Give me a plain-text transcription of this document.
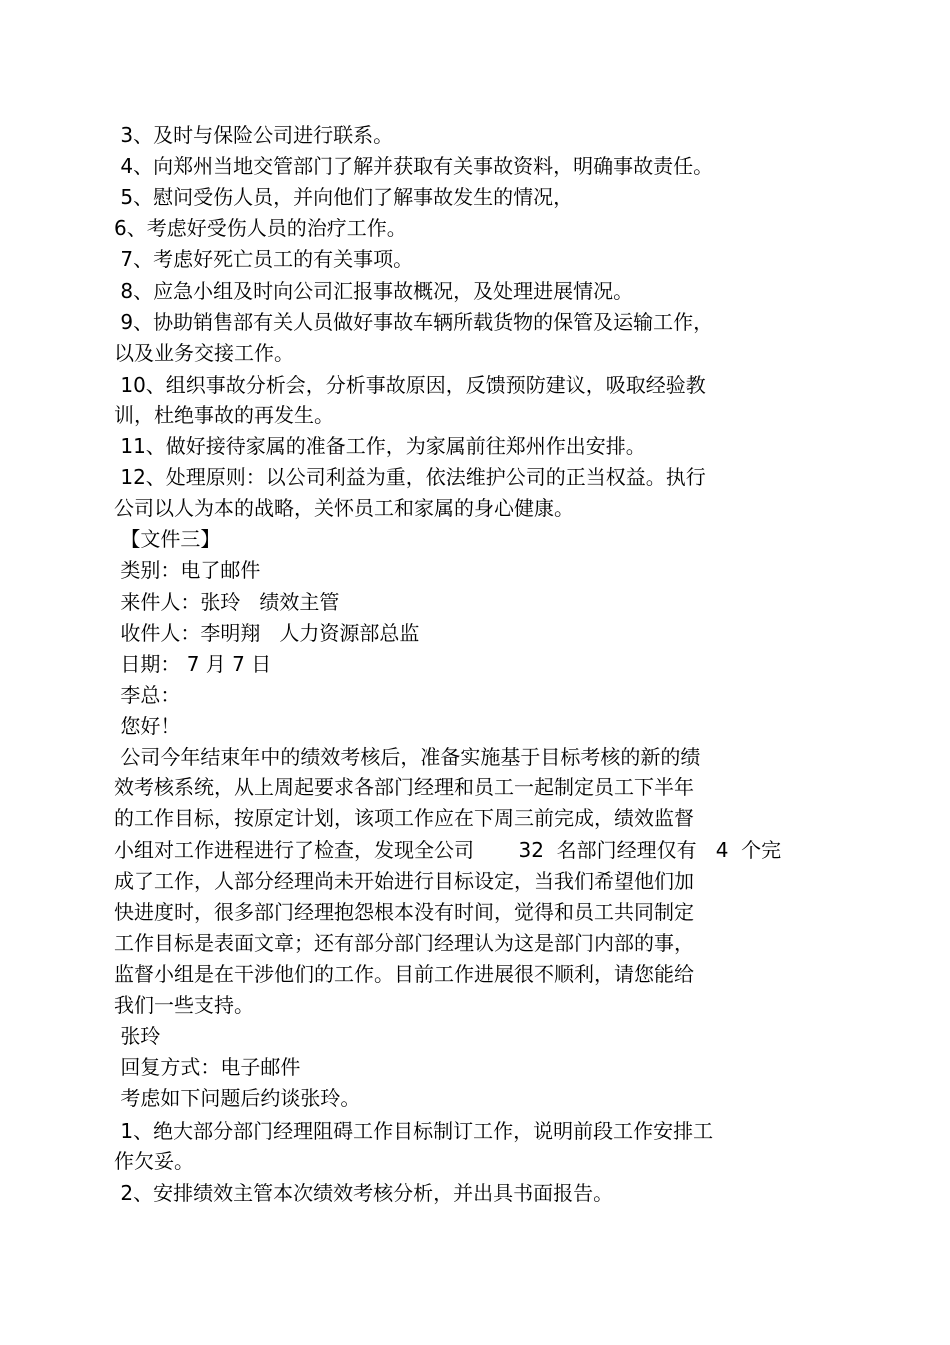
3、及时与保险公司进行联系。

4、向郑州当地交管部门了解并获取有关事故资料，明确事故责任。

5、慰问受伤人员，并向他们了解事故发生的情况，

6、考虑好受伤人员的治疗工作。

7、考虑好死亡员工的有关事项。

8、应急小组及时向公司汇报事故概况，及处理进展情况。

9、协助销售部有关人员做好事故车辆所载货物的保管及运输工作，

以及业务交接工作。

10、组织事故分析会，分析事故原因，反馈预防建议，吸取经验教

训，杜绝事故的再发生。

11、做好接待家属的准备工作，为家属前往郑州作出安排。

12、处理原则：以公司利益为重，依法维护公司的正当权益。执行

公司以人为本的战略，关怀员工和家属的身心健康。

【文件三】

类别：电了邮件

来件人：张玲   绩效主管

收件人：李明翔   人力资源部总监

日期： 7 月 7 日

李总：

您好！

公司今年结束年中的绩效考核后，准备实施基于目标考核的新的绩

效考核系统，从上周起要求各部门经理和员工一起制定员工下半年

的工作目标，按原定计划，该项工作应在下周三前完成，绩效监督

小组对工作进程进行了检查，发现全公司       32  名部门经理仅有   4  个完

成了工作，人部分经理尚未开始进行目标设定，当我们希望他们加

快进度时，很多部门经理抱怨根本没有时间，觉得和员工共同制定

工作目标是表面文章；还有部分部门经理认为这是部门内部的事，

监督小组是在干涉他们的工作。目前工作进展很不顺利，请您能给

我们一些支持。

张玲

回复方式：电子邮件

考虑如下问题后约谈张玲。

1、绝大部分部门经理阻碍工作目标制订工作，说明前段工作安排工

作欠妥。

2、安排绩效主管本次绩效考核分析，并出具书面报告。
